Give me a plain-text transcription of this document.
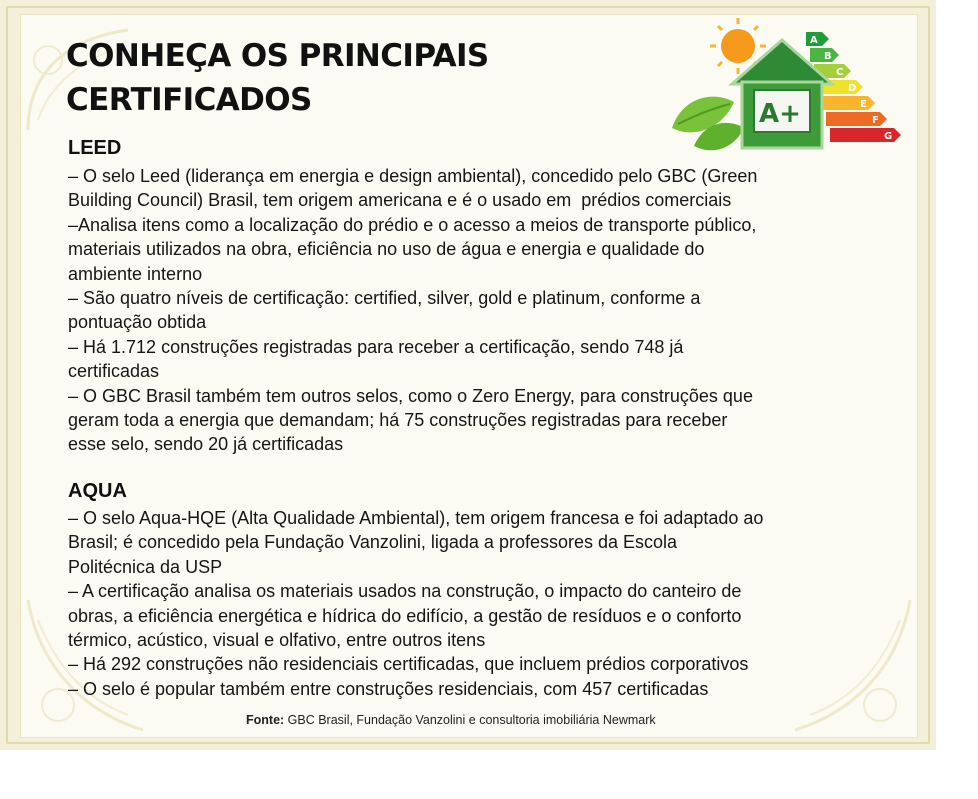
CONHEÇA OS PRINCIPAIS
CERTIFICADOS
A
B
C
D
E
F
G
A+
LEED
– O selo Leed (liderança em energia e design ambiental), concedido pelo GBC (Green
Building Council) Brasil, tem origem americana e é o usado em  prédios comerciais
–Analisa itens como a localização do prédio e o acesso a meios de transporte público,
materiais utilizados na obra, eficiência no uso de água e energia e qualidade do
ambiente interno
– São quatro níveis de certificação: certified, silver, gold e platinum, conforme a
pontuação obtida
– Há 1.712 construções registradas para receber a certificação, sendo 748 já
certificadas
– O GBC Brasil também tem outros selos, como o Zero Energy, para construções que
geram toda a energia que demandam; há 75 construções registradas para receber
esse selo, sendo 20 já certificadas
AQUA
– O selo Aqua-HQE (Alta Qualidade Ambiental), tem origem francesa e foi adaptado ao
Brasil; é concedido pela Fundação Vanzolini, ligada a professores da Escola
Politécnica da USP
– A certificação analisa os materiais usados na construção, o impacto do canteiro de
obras, a eficiência energética e hídrica do edifício, a gestão de resíduos e o conforto
térmico, acústico, visual e olfativo, entre outros itens
– Há 292 construções não residenciais certificadas, que incluem prédios corporativos
– O selo é popular também entre construções residenciais, com 457 certificadas
Fonte: GBC Brasil, Fundação Vanzolini e consultoria imobiliária Newmark
